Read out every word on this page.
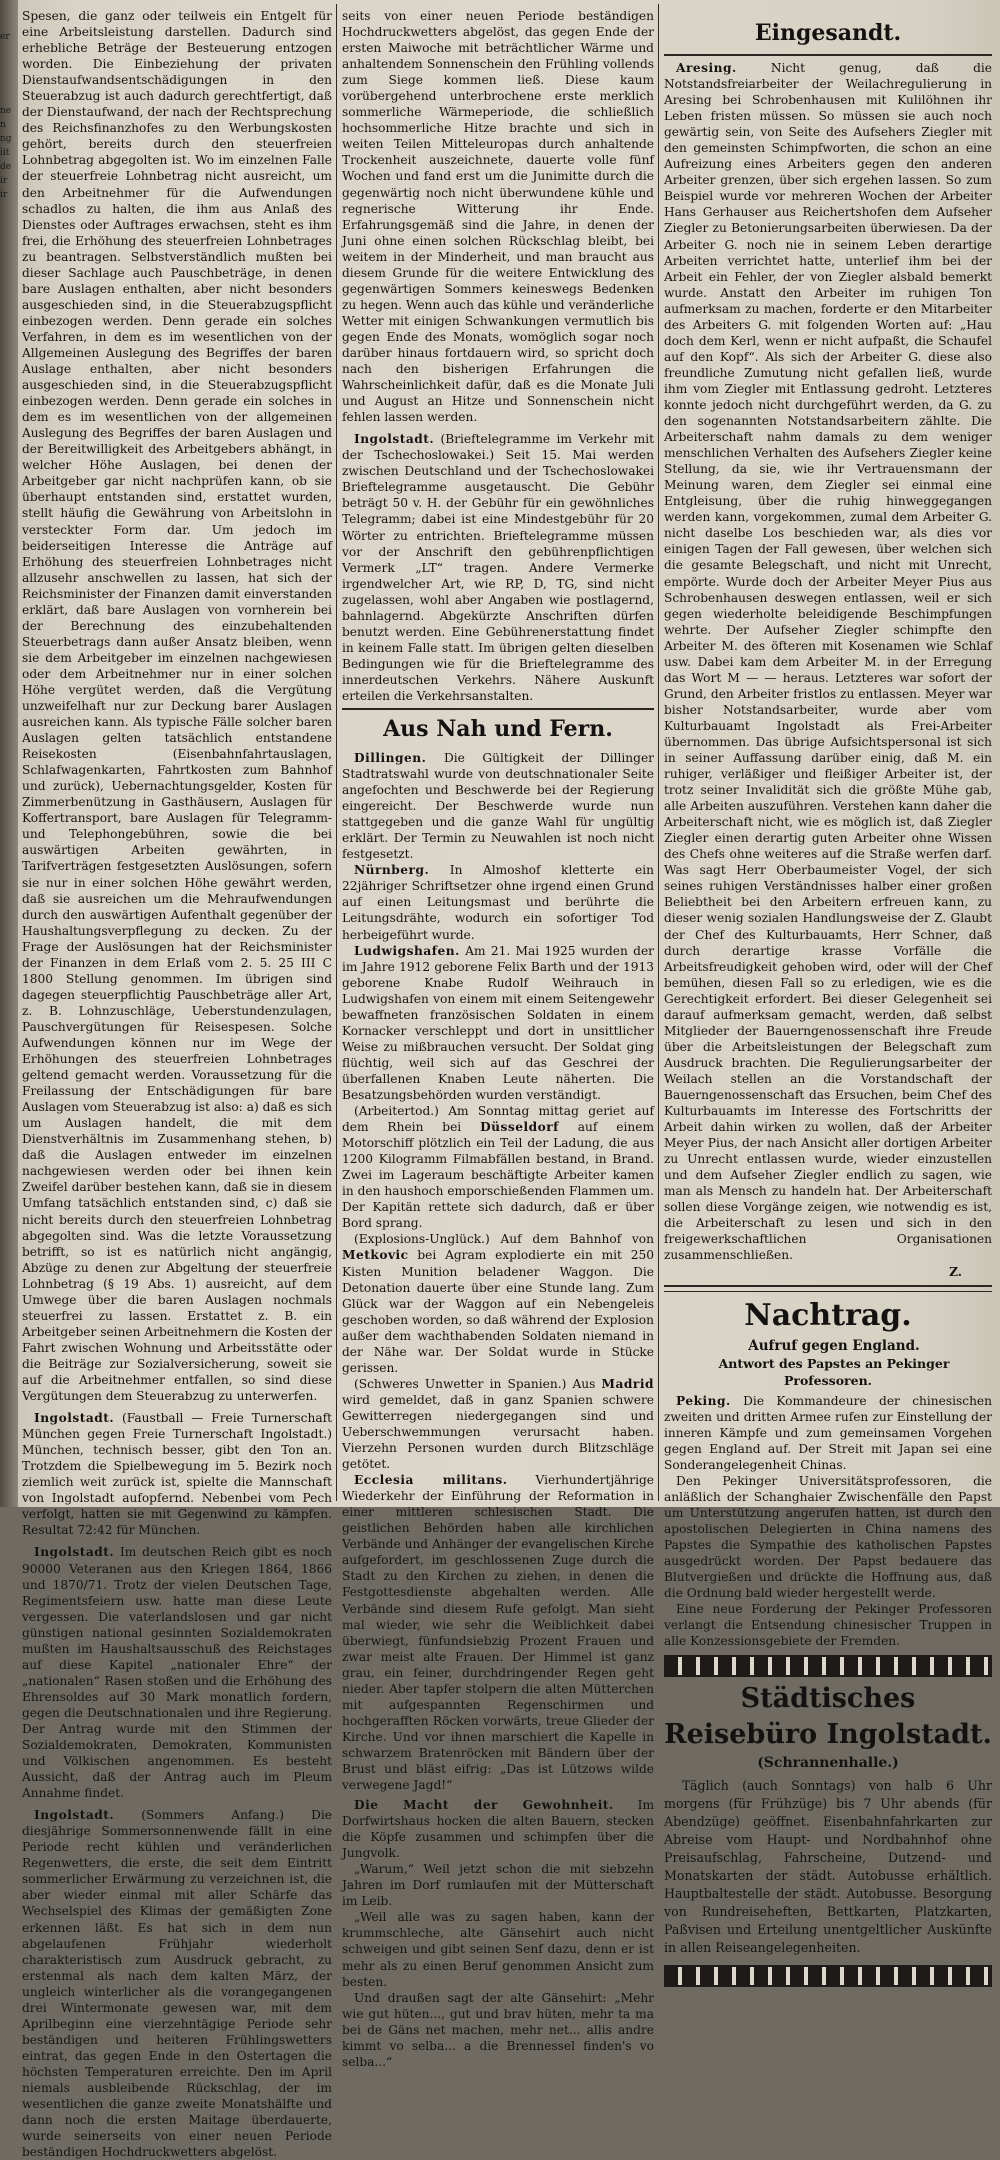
er
ne
n
ng
iit
de
ir
ir

Spesen, die ganz oder teilweis ein Entgelt für eine Arbeitsleistung darstellen. Dadurch sind erhebliche Beträge der Besteuerung entzogen worden. Die Einbeziehung der privaten Dienstaufwandsentschädigungen in den Steuerabzug ist auch dadurch gerechtfertigt, daß der Dienstaufwand, der nach der Rechtsprechung des Reichsfinanzhofes zu den Werbungskosten gehört, bereits durch den steuerfreien Lohnbetrag abgegolten ist. Wo im einzelnen Falle der steuerfreie Lohnbetrag nicht ausreicht, um den Arbeitnehmer für die Aufwendungen schadlos zu halten, die ihm aus Anlaß des Dienstes oder Auftrages erwachsen, steht es ihm frei, die Erhöhung des steuerfreien Lohnbetrages zu beantragen. Selbstverständlich mußten bei dieser Sachlage auch Pauschbeträge, in denen bare Auslagen enthalten, aber nicht besonders ausgeschieden sind, in die Steuerabzugspflicht einbezogen werden. Denn gerade ein solches Verfahren, in dem es im wesentlichen von der Allgemeinen Auslegung des Begriffes der baren Auslage enthalten, aber nicht besonders ausgeschieden sind, in die Steuerabzugspflicht einbezogen werden. Denn gerade ein solches in dem es im wesentlichen von der allgemeinen Auslegung des Begriffes der baren Auslagen und der Bereitwilligkeit des Arbeitgebers abhängt, in welcher Höhe Auslagen, bei denen der Arbeitgeber gar nicht nachprüfen kann, ob sie überhaupt entstanden sind, erstattet wurden, stellt häufig die Gewährung von Arbeitslohn in versteckter Form dar. Um jedoch im beiderseitigen Interesse die Anträge auf Erhöhung des steuerfreien Lohnbetrages nicht allzusehr anschwellen zu lassen, hat sich der Reichsminister der Finanzen damit einverstanden erklärt, daß bare Auslagen von vornherein bei der Berechnung des einzubehaltenden Steuerbetrags dann außer Ansatz bleiben, wenn sie dem Arbeitgeber im einzelnen nachgewiesen oder dem Arbeitnehmer nur in einer solchen Höhe vergütet werden, daß die Vergütung unzweifelhaft nur zur Deckung barer Auslagen ausreichen kann. Als typische Fälle solcher baren Auslagen gelten tatsächlich entstandene Reisekosten (Eisenbahnfahrtauslagen, Schlafwagenkarten, Fahrtkosten zum Bahnhof und zurück), Uebernachtungsgelder, Kosten für Zimmerbenützung in Gasthäusern, Auslagen für Koffertransport, bare Auslagen für Telegramm- und Telephongebühren, sowie die bei auswärtigen Arbeiten gewährten, in Tarifverträgen festgesetzten Auslösungen, sofern sie nur in einer solchen Höhe gewährt werden, daß sie ausreichen um die Mehraufwendungen durch den auswärtigen Aufenthalt gegenüber der Haushaltungsverpflegung zu decken. Zu der Frage der Auslösungen hat der Reichsminister der Finanzen in dem Erlaß vom 2. 5. 25 III C 1800 Stellung genommen. Im übrigen sind dagegen steuerpflichtig Pauschbeträge aller Art, z. B. Lohnzuschläge, Ueberstundenzulagen, Pauschvergütungen für Reisespesen. Solche Aufwendungen können nur im Wege der Erhöhungen des steuerfreien Lohnbetrages geltend gemacht werden. Voraussetzung für die Freilassung der Entschädigungen für bare Auslagen vom Steuerabzug ist also: a) daß es sich um Auslagen handelt, die mit dem Dienstverhältnis im Zusammenhang stehen, b) daß die Auslagen entweder im einzelnen nachgewiesen werden oder bei ihnen kein Zweifel darüber bestehen kann, daß sie in diesem Umfang tatsächlich entstanden sind, c) daß sie nicht bereits durch den steuerfreien Lohnbetrag abgegolten sind. Was die letzte Voraussetzung betrifft, so ist es natürlich nicht angängig, Abzüge zu denen zur Abgeltung der steuerfreie Lohnbetrag (§ 19 Abs. 1) ausreicht, auf dem Umwege über die baren Auslagen nochmals steuerfrei zu lassen. Erstattet z. B. ein Arbeitgeber seinen Arbeitnehmern die Kosten der Fahrt zwischen Wohnung und Arbeitsstätte oder die Beiträge zur Sozialversicherung, soweit sie auf die Arbeitnehmer entfallen, so sind diese Vergütungen dem Steuerabzug zu unterwerfen.

Ingolstadt. (Faustball — Freie Turnerschaft München gegen Freie Turnerschaft Ingolstadt.) München, technisch besser, gibt den Ton an. Trotzdem die Spielbewegung im 5. Bezirk noch ziemlich weit zurück ist, spielte die Mannschaft von Ingolstadt aufopfernd. Nebenbei vom Pech verfolgt, hatten sie mit Gegenwind zu kämpfen. Resultat 72:42 für München.

Ingolstadt. Im deutschen Reich gibt es noch 90000 Veteranen aus den Kriegen 1864, 1866 und 1870/71. Trotz der vielen Deutschen Tage, Regimentsfeiern usw. hatte man diese Leute vergessen. Die vaterlandslosen und gar nicht günstigen national gesinnten Sozialdemokraten mußten im Haushaltsausschuß des Reichstages auf diese Kapitel „nationaler Ehre“ der „nationalen“ Rasen stoßen und die Erhöhung des Ehrensoldes auf 30 Mark monatlich fordern, gegen die Deutschnationalen und ihre Regierung. Der Antrag wurde mit den Stimmen der Sozialdemokraten, Demokraten, Kommunisten und Völkischen angenommen. Es besteht Aussicht, daß der Antrag auch im Pleum Annahme findet.

Ingolstadt. (Sommers Anfang.) Die diesjährige Sommersonnenwende fällt in eine Periode recht kühlen und veränderlichen Regenwetters, die erste, die seit dem Eintritt sommerlicher Erwärmung zu verzeichnen ist, die aber wieder einmal mit aller Schärfe das Wechselspiel des Klimas der gemäßigten Zone erkennen läßt. Es hat sich in dem nun abgelaufenen Frühjahr wiederholt charakteristisch zum Ausdruck gebracht, zu erstenmal als nach dem kalten März, der ungleich winterlicher als die vorangegangenen drei Wintermonate gewesen war, mit dem Aprilbeginn eine vierzehntägige Periode sehr beständigen und heiteren Frühlingswetters eintrat, das gegen Ende in den Ostertagen die höchsten Temperaturen erreichte. Den im April niemals ausbleibende Rückschlag, der im wesentlichen die ganze zweite Monatshälfte und dann noch die ersten Maitage überdauerte, wurde seinerseits von einer neuen Periode beständigen Hochdruckwetters abgelöst.

seits von einer neuen Periode beständigen Hochdruckwetters abgelöst, das gegen Ende der ersten Maiwoche mit beträchtlicher Wärme und anhaltendem Sonnenschein den Frühling vollends zum Siege kommen ließ. Diese kaum vorübergehend unterbrochene erste merklich sommerliche Wärmeperiode, die schließlich hochsommerliche Hitze brachte und sich in weiten Teilen Mitteleuropas durch anhaltende Trockenheit auszeichnete, dauerte volle fünf Wochen und fand erst um die Junimitte durch die gegenwärtig noch nicht überwundene kühle und regnerische Witterung ihr Ende. Erfahrungsgemäß sind die Jahre, in denen der Juni ohne einen solchen Rückschlag bleibt, bei weitem in der Minderheit, und man braucht aus diesem Grunde für die weitere Entwicklung des gegenwärtigen Sommers keineswegs Bedenken zu hegen. Wenn auch das kühle und veränderliche Wetter mit einigen Schwankungen vermutlich bis gegen Ende des Monats, womöglich sogar noch darüber hinaus fortdauern wird, so spricht doch nach den bisherigen Erfahrungen die Wahrscheinlichkeit dafür, daß es die Monate Juli und August an Hitze und Sonnenschein nicht fehlen lassen werden.

Ingolstadt. (Brieftelegramme im Verkehr mit der Tschechoslowakei.) Seit 15. Mai werden zwischen Deutschland und der Tschechoslowakei Brieftelegramme ausgetauscht. Die Gebühr beträgt 50 v. H. der Gebühr für ein gewöhnliches Telegramm; dabei ist eine Mindestgebühr für 20 Wörter zu entrichten. Brieftelegramme müssen vor der Anschrift den gebührenpflichtigen Vermerk „LT“ tragen. Andere Vermerke irgendwelcher Art, wie RP, D, TG, sind nicht zugelassen, wohl aber Angaben wie postlagernd, bahnlagernd. Abgekürzte Anschriften dürfen benutzt werden. Eine Gebührenerstattung findet in keinem Falle statt. Im übrigen gelten dieselben Bedingungen wie für die Brieftelegramme des innerdeutschen Verkehrs. Nähere Auskunft erteilen die Verkehrsanstalten.

Aus Nah und Fern.

Dillingen. Die Gültigkeit der Dillinger Stadtratswahl wurde von deutschnationaler Seite angefochten und Beschwerde bei der Regierung eingereicht. Der Beschwerde wurde nun stattgegeben und die ganze Wahl für ungültig erklärt. Der Termin zu Neuwahlen ist noch nicht festgesetzt.

Nürnberg. In Almoshof kletterte ein 22jähriger Schriftsetzer ohne irgend einen Grund auf einen Leitungsmast und berührte die Leitungsdrähte, wodurch ein sofortiger Tod herbeigeführt wurde.

Ludwigshafen. Am 21. Mai 1925 wurden der im Jahre 1912 geborene Felix Barth und der 1913 geborene Knabe Rudolf Weihrauch in Ludwigshafen von einem mit einem Seitengewehr bewaffneten französischen Soldaten in einem Kornacker verschleppt und dort in unsittlicher Weise zu mißbrauchen versucht. Der Soldat ging flüchtig, weil sich auf das Geschrei der überfallenen Knaben Leute näherten. Die Besatzungsbehörden wurden verständigt.

(Arbeitertod.) Am Sonntag mittag geriet auf dem Rhein bei Düsseldorf auf einem Motorschiff plötzlich ein Teil der Ladung, die aus 1200 Kilogramm Filmabfällen bestand, in Brand. Zwei im Lageraum beschäftigte Arbeiter kamen in den haushoch emporschießenden Flammen um. Der Kapitän rettete sich dadurch, daß er über Bord sprang.

(Explosions-Unglück.) Auf dem Bahnhof von Metkovic bei Agram explodierte ein mit 250 Kisten Munition beladener Waggon. Die Detonation dauerte über eine Stunde lang. Zum Glück war der Waggon auf ein Nebengeleis geschoben worden, so daß während der Explosion außer dem wachthabenden Soldaten niemand in der Nähe war. Der Soldat wurde in Stücke gerissen.

(Schweres Unwetter in Spanien.) Aus Madrid wird gemeldet, daß in ganz Spanien schwere Gewitterregen niedergegangen sind und Ueberschwemmungen verursacht haben. Vierzehn Personen wurden durch Blitzschläge getötet.

Ecclesia militans. Vierhundertjährige Wiederkehr der Einführung der Reformation in einer mittleren schlesischen Stadt. Die geistlichen Behörden haben alle kirchlichen Verbände und Anhänger der evangelischen Kirche aufgefordert, im geschlossenen Zuge durch die Stadt zu den Kirchen zu ziehen, in denen die Festgottesdienste abgehalten werden. Alle Verbände sind diesem Rufe gefolgt. Man sieht mal wieder, wie sehr die Weiblichkeit dabei überwiegt, fünfundsiebzig Prozent Frauen und zwar meist alte Frauen. Der Himmel ist ganz grau, ein feiner, durchdringender Regen geht nieder. Aber tapfer stolpern die alten Mütterchen mit aufgespannten Regenschirmen und hochgerafften Röcken vorwärts, treue Glieder der Kirche. Und vor ihnen marschiert die Kapelle in schwarzem Bratenröcken mit Bändern über der Brust und bläst eifrig: „Das ist Lützows wilde verwegene Jagd!“

Die Macht der Gewohnheit. Im Dorfwirtshaus hocken die alten Bauern, stecken die Köpfe zusammen und schimpfen über die Jungvolk.

„Warum,“ Weil jetzt schon die mit siebzehn Jahren im Dorf rumlaufen mit der Mütterschaft im Leib.

„Weil alle was zu sagen haben, kann der krummschleche, alte Gänsehirt auch nicht schweigen und gibt seinen Senf dazu, denn er ist mehr als zu einen Beruf genommen Ansicht zum besten.

Und draußen sagt der alte Gänsehirt: „Mehr wie gut hüten..., gut und brav hüten, mehr ta ma bei de Gäns net machen, mehr net... allis andre kimmt vo selba... a die Brennessel finden's vo selba...“

Eingesandt.

Aresing. Nicht genug, daß die Notstandsfreiarbeiter der Weilachregulierung in Aresing bei Schrobenhausen mit Kulilöhnen ihr Leben fristen müssen. So müssen sie auch noch gewärtig sein, von Seite des Aufsehers Ziegler mit den gemeinsten Schimpfworten, die schon an eine Aufreizung eines Arbeiters gegen den anderen Arbeiter grenzen, über sich ergehen lassen. So zum Beispiel wurde vor mehreren Wochen der Arbeiter Hans Gerhauser aus Reichertshofen dem Aufseher Ziegler zu Betonierungsarbeiten überwiesen. Da der Arbeiter G. noch nie in seinem Leben derartige Arbeiten verrichtet hatte, unterlief ihm bei der Arbeit ein Fehler, der von Ziegler alsbald bemerkt wurde. Anstatt den Arbeiter im ruhigen Ton aufmerksam zu machen, forderte er den Mitarbeiter des Arbeiters G. mit folgenden Worten auf: „Hau doch dem Kerl, wenn er nicht aufpaßt, die Schaufel auf den Kopf“. Als sich der Arbeiter G. diese also freundliche Zumutung nicht gefallen ließ, wurde ihm vom Ziegler mit Entlassung gedroht. Letzteres konnte jedoch nicht durchgeführt werden, da G. zu den sogenannten Notstandsarbeitern zählte. Die Arbeiterschaft nahm damals zu dem weniger menschlichen Verhalten des Aufsehers Ziegler keine Stellung, da sie, wie ihr Vertrauensmann der Meinung waren, dem Ziegler sei einmal eine Entgleisung, über die ruhig hinweggegangen werden kann, vorgekommen, zumal dem Arbeiter G. nicht daselbe Los beschieden war, als dies vor einigen Tagen der Fall gewesen, über welchen sich die gesamte Belegschaft, und nicht mit Unrecht, empörte. Wurde doch der Arbeiter Meyer Pius aus Schrobenhausen deswegen entlassen, weil er sich gegen wiederholte beleidigende Beschimpfungen wehrte. Der Aufseher Ziegler schimpfte den Arbeiter M. des öfteren mit Kosenamen wie Schlaf usw. Dabei kam dem Arbeiter M. in der Erregung das Wort M — — heraus. Letzteres war sofort der Grund, den Arbeiter fristlos zu entlassen. Meyer war bisher Notstandsarbeiter, wurde aber vom Kulturbauamt Ingolstadt als Frei-Arbeiter übernommen. Das übrige Aufsichtspersonal ist sich in seiner Auffassung darüber einig, daß M. ein ruhiger, verläßiger und fleißiger Arbeiter ist, der trotz seiner Invalidität sich die größte Mühe gab, alle Arbeiten auszuführen. Verstehen kann daher die Arbeiterschaft nicht, wie es möglich ist, daß Ziegler Ziegler einen derartig guten Arbeiter ohne Wissen des Chefs ohne weiteres auf die Straße werfen darf. Was sagt Herr Oberbaumeister Vogel, der sich seines ruhigen Verständnisses halber einer großen Beliebtheit bei den Arbeitern erfreuen kann, zu dieser wenig sozialen Handlungsweise der Z. Glaubt der Chef des Kulturbauamts, Herr Schner, daß durch derartige krasse Vorfälle die Arbeitsfreudigkeit gehoben wird, oder will der Chef bemühen, diesen Fall so zu erledigen, wie es die Gerechtigkeit erfordert. Bei dieser Gelegenheit sei darauf aufmerksam gemacht, werden, daß selbst Mitglieder der Bauerngenossenschaft ihre Freude über die Arbeitsleistungen der Belegschaft zum Ausdruck brachten. Die Regulierungsarbeiter der Weilach stellen an die Vorstandschaft der Bauerngenossenschaft das Ersuchen, beim Chef des Kulturbauamts im Interesse des Fortschritts der Arbeit dahin wirken zu wollen, daß der Arbeiter Meyer Pius, der nach Ansicht aller dortigen Arbeiter zu Unrecht entlassen wurde, wieder einzustellen und dem Aufseher Ziegler endlich zu sagen, wie man als Mensch zu handeln hat. Der Arbeiterschaft sollen diese Vorgänge zeigen, wie notwendig es ist, die Arbeiterschaft zu lesen und sich in den freigewerkschaftlichen Organisationen zusammenschließen.

Z.

Nachtrag.

Aufruf gegen England.

Antwort des Papstes an Pekinger Professoren.

Peking. Die Kommandeure der chinesischen zweiten und dritten Armee rufen zur Einstellung der inneren Kämpfe und zum gemeinsamen Vorgehen gegen England auf. Der Streit mit Japan sei eine Sonderangelegenheit Chinas.

Den Pekinger Universitätsprofessoren, die anläßlich der Schanghaier Zwischenfälle den Papst um Unterstützung angerufen hatten, ist durch den apostolischen Delegierten in China namens des Papstes die Sympathie des katholischen Papstes ausgedrückt worden. Der Papst bedauere das Blutvergießen und drückte die Hoffnung aus, daß die Ordnung bald wieder hergestellt werde.

Eine neue Forderung der Pekinger Professoren verlangt die Entsendung chinesischer Truppen in alle Konzessionsgebiete der Fremden.

Städtisches Reisebüro Ingolstadt.
(Schrannenhalle.)

Täglich (auch Sonntags) von halb 6 Uhr morgens (für Frühzüge) bis 7 Uhr abends (für Abendzüge) geöffnet. Eisenbahnfahrkarten zur Abreise vom Haupt- und Nordbahnhof ohne Preisaufschlag, Fahrscheine, Dutzend- und Monatskarten der städt. Autobusse erhältlich. Hauptbaltestelle der städt. Autobusse. Besorgung von Rundreiseheften, Bettkarten, Platzkarten, Paßvisen und Erteilung unentgeltlicher Auskünfte in allen Reiseangelegenheiten.
